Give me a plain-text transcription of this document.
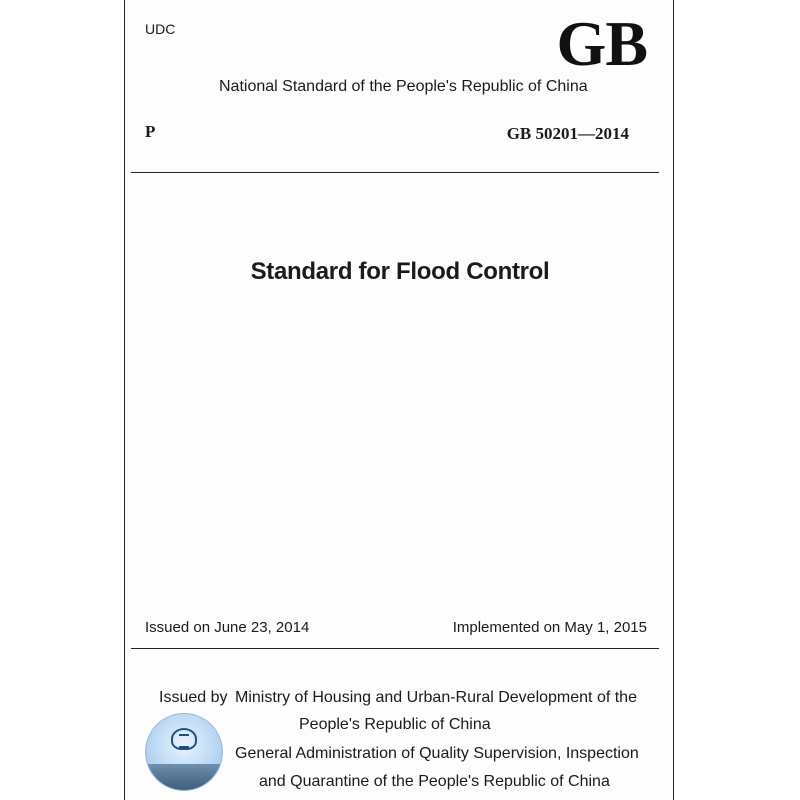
UDC	GB
National Standard of the People's Republic of China
P	GB 50201—2014
Standard for Flood Control
Issued on June 23, 2014	Implemented on May 1, 2015
Issued by Ministry of Housing and Urban-Rural Development of the
People's Republic of China
General Administration of Quality Supervision, Inspection
and Quarantine of the People's Republic of China
